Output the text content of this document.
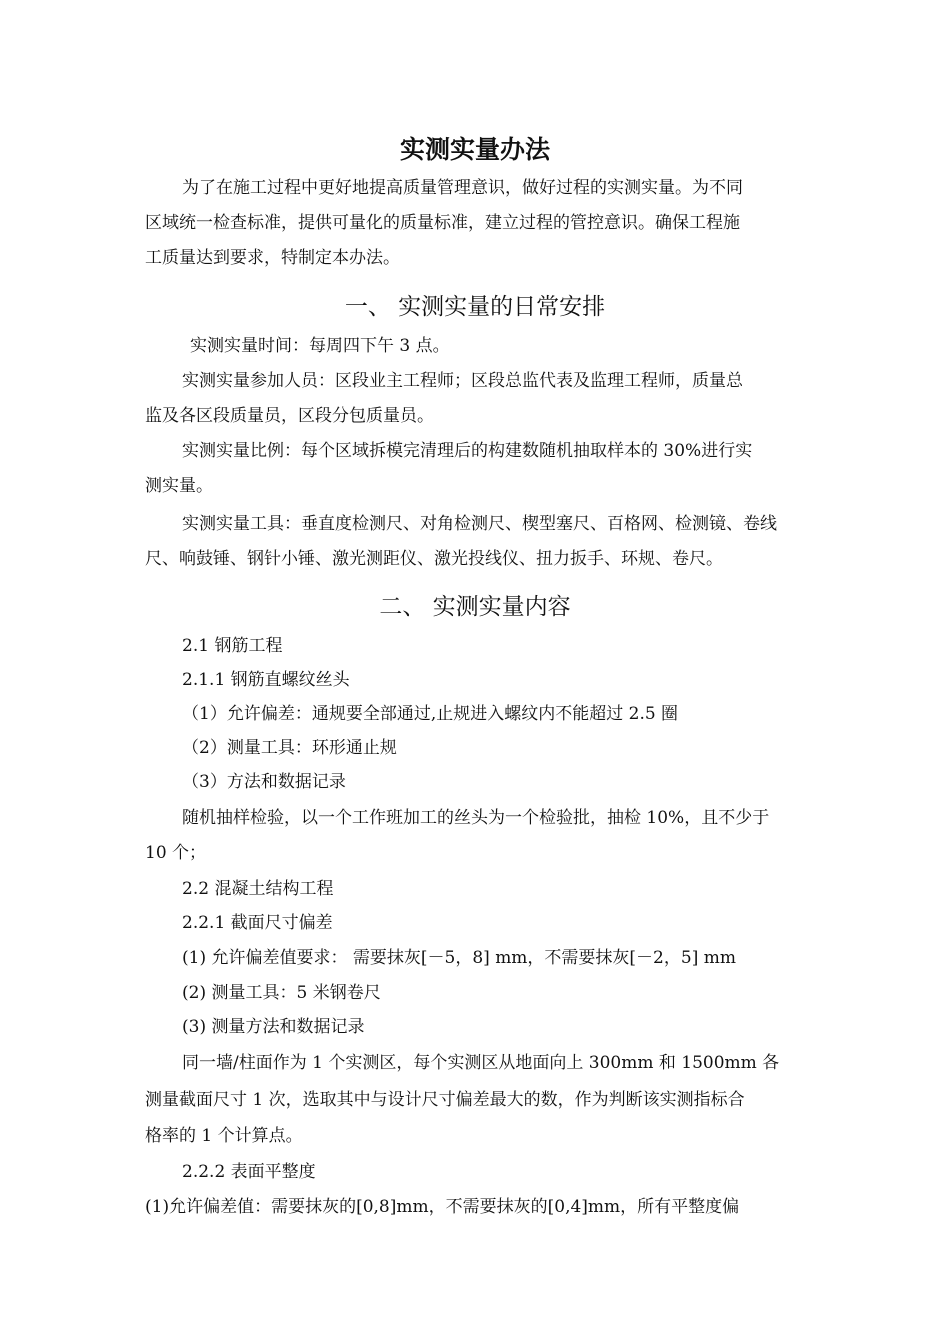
实测实量办法
为了在施工过程中更好地提高质量管理意识，做好过程的实测实量。为不同
区域统一检查标准，提供可量化的质量标准，建立过程的管控意识。确保工程施
工质量达到要求，特制定本办法。
一、 实测实量的日常安排
实测实量时间：每周四下午 3 点。
实测实量参加人员：区段业主工程师；区段总监代表及监理工程师，质量总
监及各区段质量员，区段分包质量员。
实测实量比例：每个区域拆模完清理后的构建数随机抽取样本的 30%进行实
测实量。
实测实量工具：垂直度检测尺、对角检测尺、楔型塞尺、百格网、检测镜、卷线
尺、响鼓锤、钢针小锤、激光测距仪、激光投线仪、扭力扳手、环规、卷尺。
二、 实测实量内容
2.1 钢筋工程
2.1.1 钢筋直螺纹丝头
（1）允许偏差：通规要全部通过,止规进入螺纹内不能超过 2.5 圈
（2）测量工具：环形通止规
（3）方法和数据记录
随机抽样检验，以一个工作班加工的丝头为一个检验批，抽检 10%，且不少于
10 个；
2.2 混凝土结构工程
2.2.1 截面尺寸偏差
(1) 允许偏差值要求： 需要抹灰[－5，8] mm，不需要抹灰[－2，5] mm
(2) 测量工具：5 米钢卷尺
(3) 测量方法和数据记录
同一墙/柱面作为 1 个实测区，每个实测区从地面向上 300mm 和 1500mm 各
测量截面尺寸 1 次，选取其中与设计尺寸偏差最大的数，作为判断该实测指标合
格率的 1 个计算点。
2.2.2 表面平整度
(1)允许偏差值：需要抹灰的[0,8]mm，不需要抹灰的[0,4]mm，所有平整度偏
